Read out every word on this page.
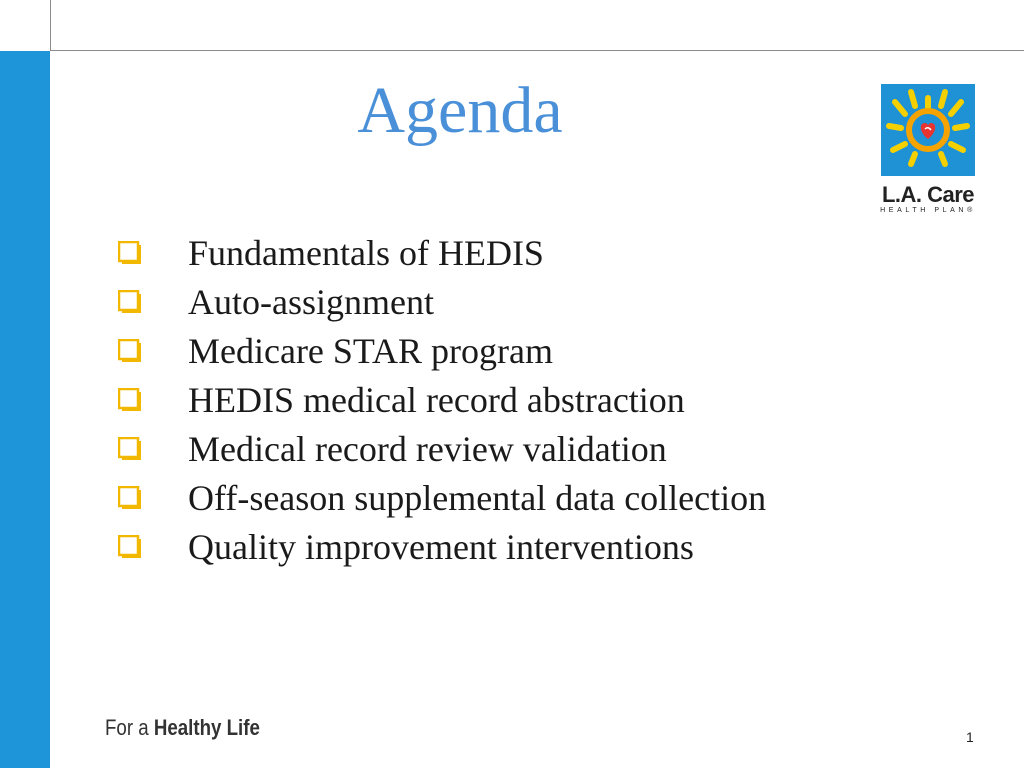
Agenda
L.A. Care
HEALTH PLAN®
Fundamentals of HEDIS
Auto-assignment
Medicare STAR program
HEDIS medical record abstraction
Medical record review validation
Off-season supplemental data collection
Quality improvement interventions
For a Healthy Life	1
